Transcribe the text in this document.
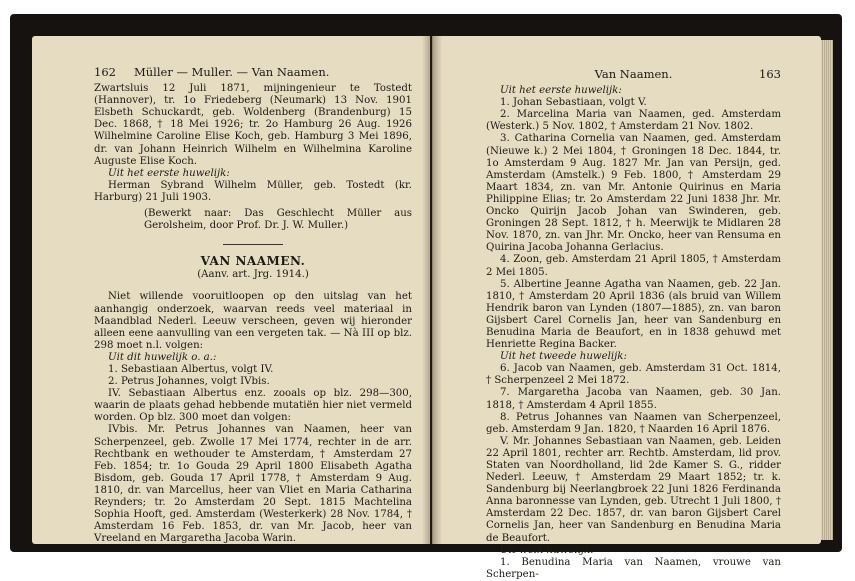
162	Müller — Muller. — Van Naamen.

Zwartsluis 12 Juli 1871, mijningenieur te Tostedt (Hannover), tr. 1o Friedeberg (Neumark) 13 Nov. 1901 Elsbeth Schuckardt, geb. Woldenberg (Brandenburg) 15 Dec. 1868, † 18 Mei 1926; tr. 2o Hamburg 26 Aug. 1926 Wilhelmine Caroline Elise Koch, geb. Hamburg 3 Mei 1896, dr. van Johann Heinrich Wilhelm en Wilhelmina Karoline Auguste Elise Koch.

Uit het eerste huwelijk:

Herman Sybrand Wilhelm Müller, geb. Tostedt (kr. Harburg) 21 Juli 1903.

(Bewerkt naar: Das Geschlecht Müller aus Gerolsheim, door Prof. Dr. J. W. Muller.)

VAN NAAMEN.

(Aanv. art. Jrg. 1914.)

Niet willende vooruitloopen op den uitslag van het aanhangig onderzoek, waarvan reeds veel materiaal in Maandblad Nederl. Leeuw verscheen, geven wij hieronder alleen eene aanvulling van een vergeten tak. — Nà III op blz. 298 moet n.l. volgen:

Uit dit huwelijk o. a.:

1. Sebastiaan Albertus, volgt IV.

2. Petrus Johannes, volgt IVbis.

IV. Sebastiaan Albertus enz. zooals op blz. 298—300, waarin de plaats gehad hebbende mutatiën hier niet vermeld worden. Op blz. 300 moet dan volgen:

IVbis. Mr. Petrus Johannes van Naamen, heer van Scherpenzeel, geb. Zwolle 17 Mei 1774, rechter in de arr. Rechtbank en wethouder te Amsterdam, † Amsterdam 27 Feb. 1854; tr. 1o Gouda 29 April 1800 Elisabeth Agatha Bisdom, geb. Gouda 17 April 1778, † Amsterdam 9 Aug. 1810, dr. van Marcellus, heer van Vliet en Maria Catharina Reynders; tr. 2o Amsterdam 20 Sept. 1815 Machtelina Sophia Hooft, ged. Amsterdam (Westerkerk) 28 Nov. 1784, † Amsterdam 16 Feb. 1853, dr. van Mr. Jacob, heer van Vreeland en Margaretha Jacoba Warin.

Van Naamen.	163

Uit het eerste huwelijk:

1. Johan Sebastiaan, volgt V.

2. Marcelina Maria van Naamen, ged. Amsterdam (Westerk.) 5 Nov. 1802, † Amsterdam 21 Nov. 1802.

3. Catharina Cornelia van Naamen, ged. Amsterdam (Nieuwe k.) 2 Mei 1804, † Groningen 18 Dec. 1844, tr. 1o Amsterdam 9 Aug. 1827 Mr. Jan van Persijn, ged. Amsterdam (Amstelk.) 9 Feb. 1800, † Amsterdam 29 Maart 1834, zn. van Mr. Antonie Quirinus en Maria Philippine Elias; tr. 2o Amsterdam 22 Juni 1838 Jhr. Mr. Oncko Quirijn Jacob Johan van Swinderen, geb. Groningen 28 Sept. 1812, † h. Meerwijk te Midlaren 28 Nov. 1870, zn. van Jhr. Mr. Oncko, heer van Rensuma en Quirina Jacoba Johanna Gerlacius.

4. Zoon, geb. Amsterdam 21 April 1805, † Amsterdam 2 Mei 1805.

5. Albertine Jeanne Agatha van Naamen, geb. 22 Jan. 1810, † Amsterdam 20 April 1836 (als bruid van Willem Hendrik baron van Lynden (1807—1885), zn. van baron Gijsbert Carel Cornelis Jan, heer van Sandenburg en Benudina Maria de Beaufort, en in 1838 gehuwd met Henriette Regina Backer.

Uit het tweede huwelijk:

6. Jacob van Naamen, geb. Amsterdam 31 Oct. 1814, † Scherpenzeel 2 Mei 1872.

7. Margaretha Jacoba van Naamen, geb. 30 Jan. 1818, † Amsterdam 4 April 1855.

8. Petrus Johannes van Naamen van Scherpenzeel, geb. Amsterdam 9 Jan. 1820, † Naarden 16 April 1876.

V. Mr. Johannes Sebastiaan van Naamen, geb. Leiden 22 April 1801, rechter arr. Rechtb. Amsterdam, lid prov. Staten van Noordholland, lid 2de Kamer S. G., ridder Nederl. Leeuw, † Amsterdam 29 Maart 1852; tr. k. Sandenburg bij Neerlangbroek 22 Juni 1826 Ferdinanda Anna baronnesse van Lynden, geb. Utrecht 1 Juli 1800, † Amsterdam 22 Dec. 1857, dr. van baron Gijsbert Carel Cornelis Jan, heer van Sandenburg en Benudina Maria de Beaufort.

Uit welk huwelijk:

1. Benudina Maria van Naamen, vrouwe van Scherpen-
